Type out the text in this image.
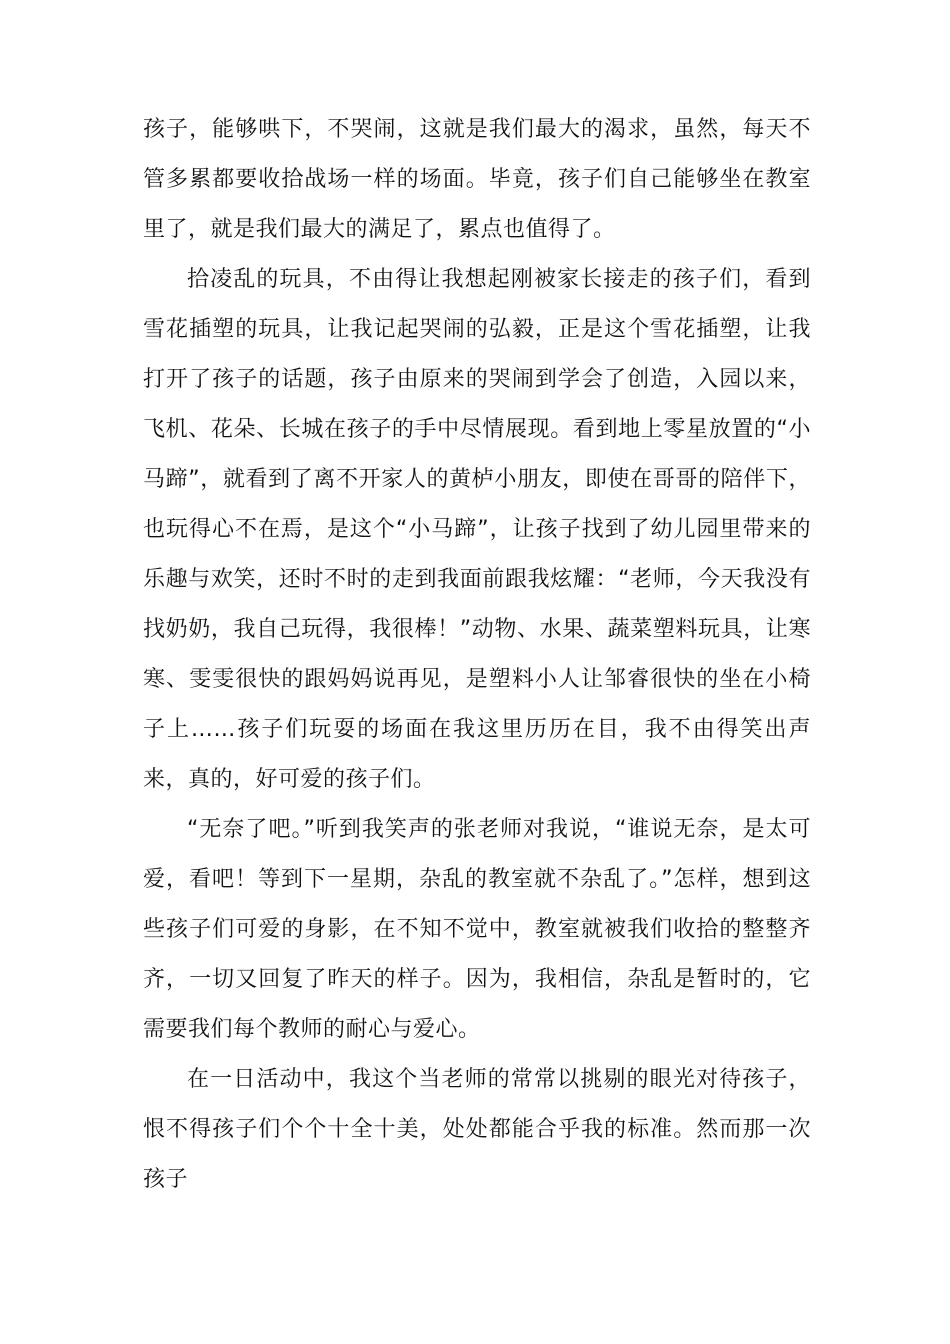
孩子，能够哄下，不哭闹，这就是我们最大的渴求，虽然，每天不管多累都要收拾战场一样的场面。毕竟，孩子们自己能够坐在教室里了，就是我们最大的满足了，累点也值得了。

拾凌乱的玩具，不由得让我想起刚被家长接走的孩子们，看到雪花插塑的玩具，让我记起哭闹的弘毅，正是这个雪花插塑，让我打开了孩子的话题，孩子由原来的哭闹到学会了创造，入园以来，飞机、花朵、长城在孩子的手中尽情展现。看到地上零星放置的“小马蹄”，就看到了离不开家人的黄栌小朋友，即使在哥哥的陪伴下，也玩得心不在焉，是这个“小马蹄”，让孩子找到了幼儿园里带来的乐趣与欢笑，还时不时的走到我面前跟我炫耀：“老师，今天我没有找奶奶，我自己玩得，我很棒！”动物、水果、蔬菜塑料玩具，让寒寒、雯雯很快的跟妈妈说再见，是塑料小人让邹睿很快的坐在小椅子上……孩子们玩耍的场面在我这里历历在目，我不由得笑出声来，真的，好可爱的孩子们。

“无奈了吧。”听到我笑声的张老师对我说，“谁说无奈，是太可爱，看吧！等到下一星期，杂乱的教室就不杂乱了。”怎样，想到这些孩子们可爱的身影，在不知不觉中，教室就被我们收拾的整整齐齐，一切又回复了昨天的样子。因为，我相信，杂乱是暂时的，它需要我们每个教师的耐心与爱心。

在一日活动中，我这个当老师的常常以挑剔的眼光对待孩子，恨不得孩子们个个十全十美，处处都能合乎我的标准。然而那一次孩子
